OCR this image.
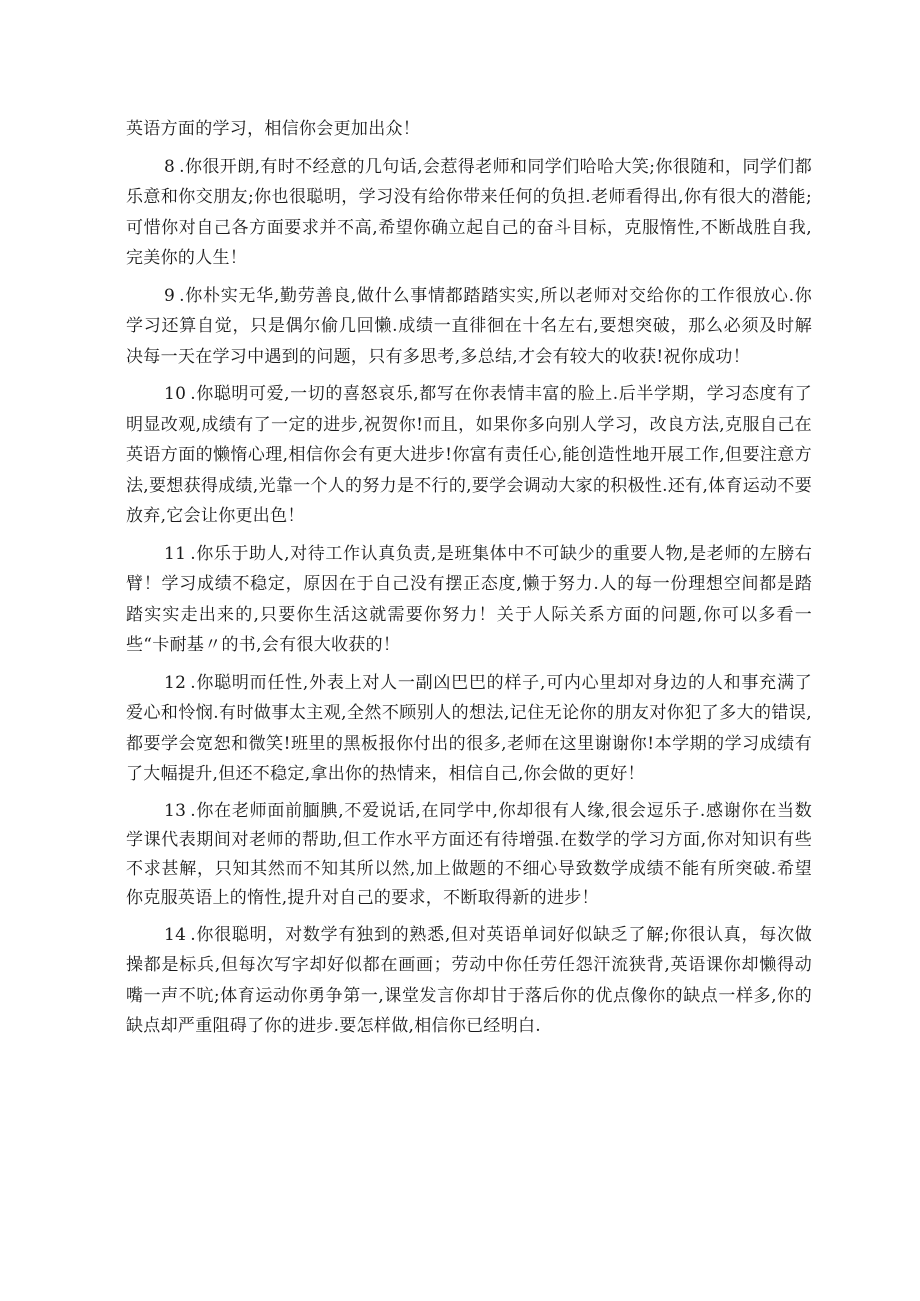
英语方面的学习，相信你会更加出众！

8 .你很开朗,有时不经意的几句话,会惹得老师和同学们哈哈大笑;你很随和，同学们都乐意和你交朋友;你也很聪明，学习没有给你带来任何的负担.老师看得出,你有很大的潜能;可惜你对自己各方面要求并不高,希望你确立起自己的奋斗目标，克服惰性,不断战胜自我,完美你的人生！

9 .你朴实无华,勤劳善良,做什么事情都踏踏实实,所以老师对交给你的工作很放心.你学习还算自觉，只是偶尔偷几回懒.成绩一直徘徊在十名左右,要想突破，那么必须及时解决每一天在学习中遇到的问题，只有多思考,多总结,才会有较大的收获!祝你成功！

10 .你聪明可爱,一切的喜怒哀乐,都写在你表情丰富的脸上.后半学期，学习态度有了明显改观,成绩有了一定的进步,祝贺你!而且，如果你多向别人学习，改良方法,克服自己在英语方面的懒惰心理,相信你会有更大进步!你富有责任心,能创造性地开展工作,但要注意方法,要想获得成绩,光靠一个人的努力是不行的,要学会调动大家的积极性.还有,体育运动不要放弃,它会让你更出色！

11 .你乐于助人,对待工作认真负责,是班集体中不可缺少的重要人物,是老师的左膀右臂！学习成绩不稳定，原因在于自己没有摆正态度,懒于努力.人的每一份理想空间都是踏踏实实走出来的,只要你生活这就需要你努力！关于人际关系方面的问题,你可以多看一些“卡耐基〃的书,会有很大收获的！

12 .你聪明而任性,外表上对人一副凶巴巴的样子,可内心里却对身边的人和事充满了爱心和怜悯.有时做事太主观,全然不顾别人的想法,记住无论你的朋友对你犯了多大的错误,都要学会宽恕和微笑!班里的黑板报你付出的很多,老师在这里谢谢你!本学期的学习成绩有了大幅提升,但还不稳定,拿出你的热情来，相信自己,你会做的更好！

13 .你在老师面前腼腆,不爱说话,在同学中,你却很有人缘,很会逗乐子.感谢你在当数学课代表期间对老师的帮助,但工作水平方面还有待增强.在数学的学习方面,你对知识有些不求甚解，只知其然而不知其所以然,加上做题的不细心导致数学成绩不能有所突破.希望你克服英语上的惰性,提升对自己的要求，不断取得新的进步！

14 .你很聪明，对数学有独到的熟悉,但对英语单词好似缺乏了解;你很认真，每次做操都是标兵,但每次写字却好似都在画画；劳动中你任劳任怨汗流狭背,英语课你却懒得动嘴一声不吭;体育运动你勇争第一,课堂发言你却甘于落后你的优点像你的缺点一样多,你的缺点却严重阻碍了你的进步.要怎样做,相信你已经明白.
